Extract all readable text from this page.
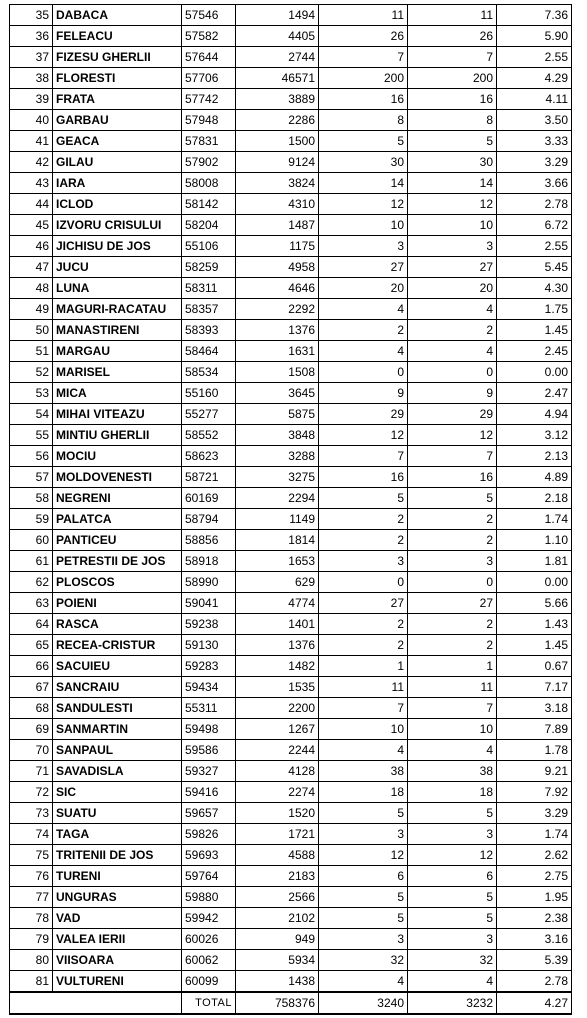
35	DABACA	57546	1494	11	11	7.36
36	FELEACU	57582	4405	26	26	5.90
37	FIZESU GHERLII	57644	2744	7	7	2.55
38	FLORESTI	57706	46571	200	200	4.29
39	FRATA	57742	3889	16	16	4.11
40	GARBAU	57948	2286	8	8	3.50
41	GEACA	57831	1500	5	5	3.33
42	GILAU	57902	9124	30	30	3.29
43	IARA	58008	3824	14	14	3.66
44	ICLOD	58142	4310	12	12	2.78
45	IZVORU CRISULUI	58204	1487	10	10	6.72
46	JICHISU DE JOS	55106	1175	3	3	2.55
47	JUCU	58259	4958	27	27	5.45
48	LUNA	58311	4646	20	20	4.30
49	MAGURI-RACATAU	58357	2292	4	4	1.75
50	MANASTIRENI	58393	1376	2	2	1.45
51	MARGAU	58464	1631	4	4	2.45
52	MARISEL	58534	1508	0	0	0.00
53	MICA	55160	3645	9	9	2.47
54	MIHAI VITEAZU	55277	5875	29	29	4.94
55	MINTIU GHERLII	58552	3848	12	12	3.12
56	MOCIU	58623	3288	7	7	2.13
57	MOLDOVENESTI	58721	3275	16	16	4.89
58	NEGRENI	60169	2294	5	5	2.18
59	PALATCA	58794	1149	2	2	1.74
60	PANTICEU	58856	1814	2	2	1.10
61	PETRESTII DE JOS	58918	1653	3	3	1.81
62	PLOSCOS	58990	629	0	0	0.00
63	POIENI	59041	4774	27	27	5.66
64	RASCA	59238	1401	2	2	1.43
65	RECEA-CRISTUR	59130	1376	2	2	1.45
66	SACUIEU	59283	1482	1	1	0.67
67	SANCRAIU	59434	1535	11	11	7.17
68	SANDULESTI	55311	2200	7	7	3.18
69	SANMARTIN	59498	1267	10	10	7.89
70	SANPAUL	59586	2244	4	4	1.78
71	SAVADISLA	59327	4128	38	38	9.21
72	SIC	59416	2274	18	18	7.92
73	SUATU	59657	1520	5	5	3.29
74	TAGA	59826	1721	3	3	1.74
75	TRITENII DE JOS	59693	4588	12	12	2.62
76	TURENI	59764	2183	6	6	2.75
77	UNGURAS	59880	2566	5	5	1.95
78	VAD	59942	2102	5	5	2.38
79	VALEA IERII	60026	949	3	3	3.16
80	VIISOARA	60062	5934	32	32	5.39
81	VULTURENI	60099	1438	4	4	2.78
		TOTAL	758376	3240	3232	4.27
